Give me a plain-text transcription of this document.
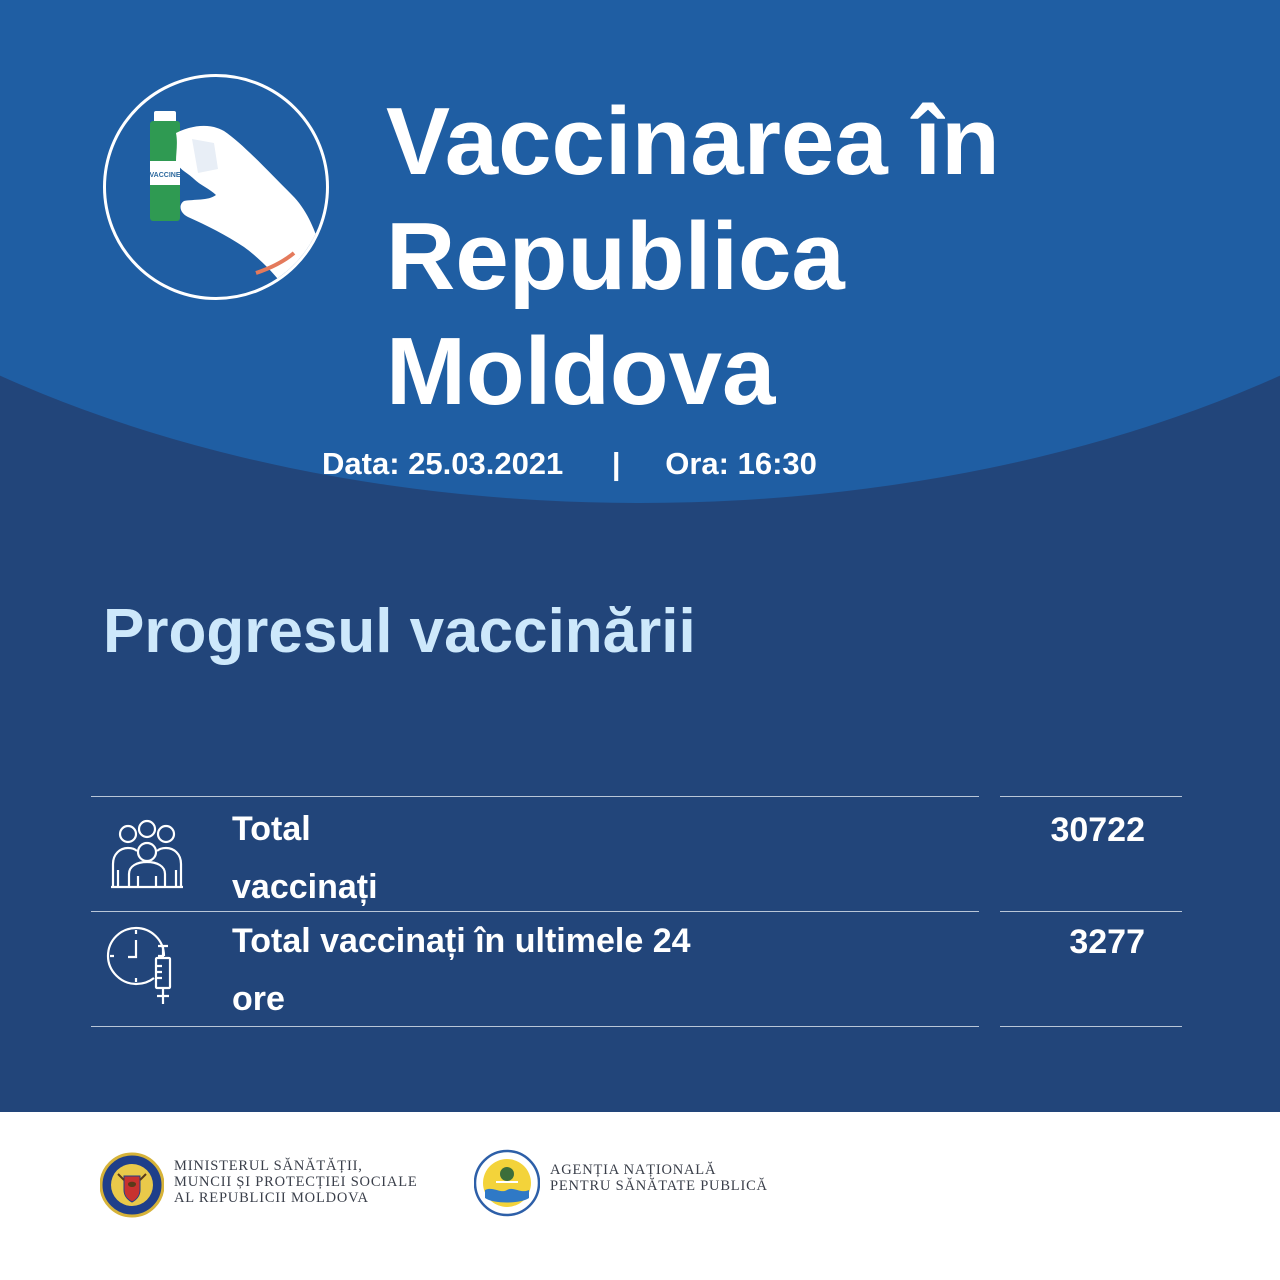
VACCINE Vaccinarea în
Republica
Moldova
Data: 25.03.2021 | Ora: 16:30
Progresul vaccinării
Total
vaccinați
30722
Total vaccinați în ultimele 24
ore
3277
MINISTERUL SĂNĂTĂȚII,
MUNCII ȘI PROTECȚIEI SOCIALE
AL REPUBLICII MOLDOVA
AGENȚIA NAȚIONALĂ
PENTRU SĂNĂTATE PUBLICĂ
